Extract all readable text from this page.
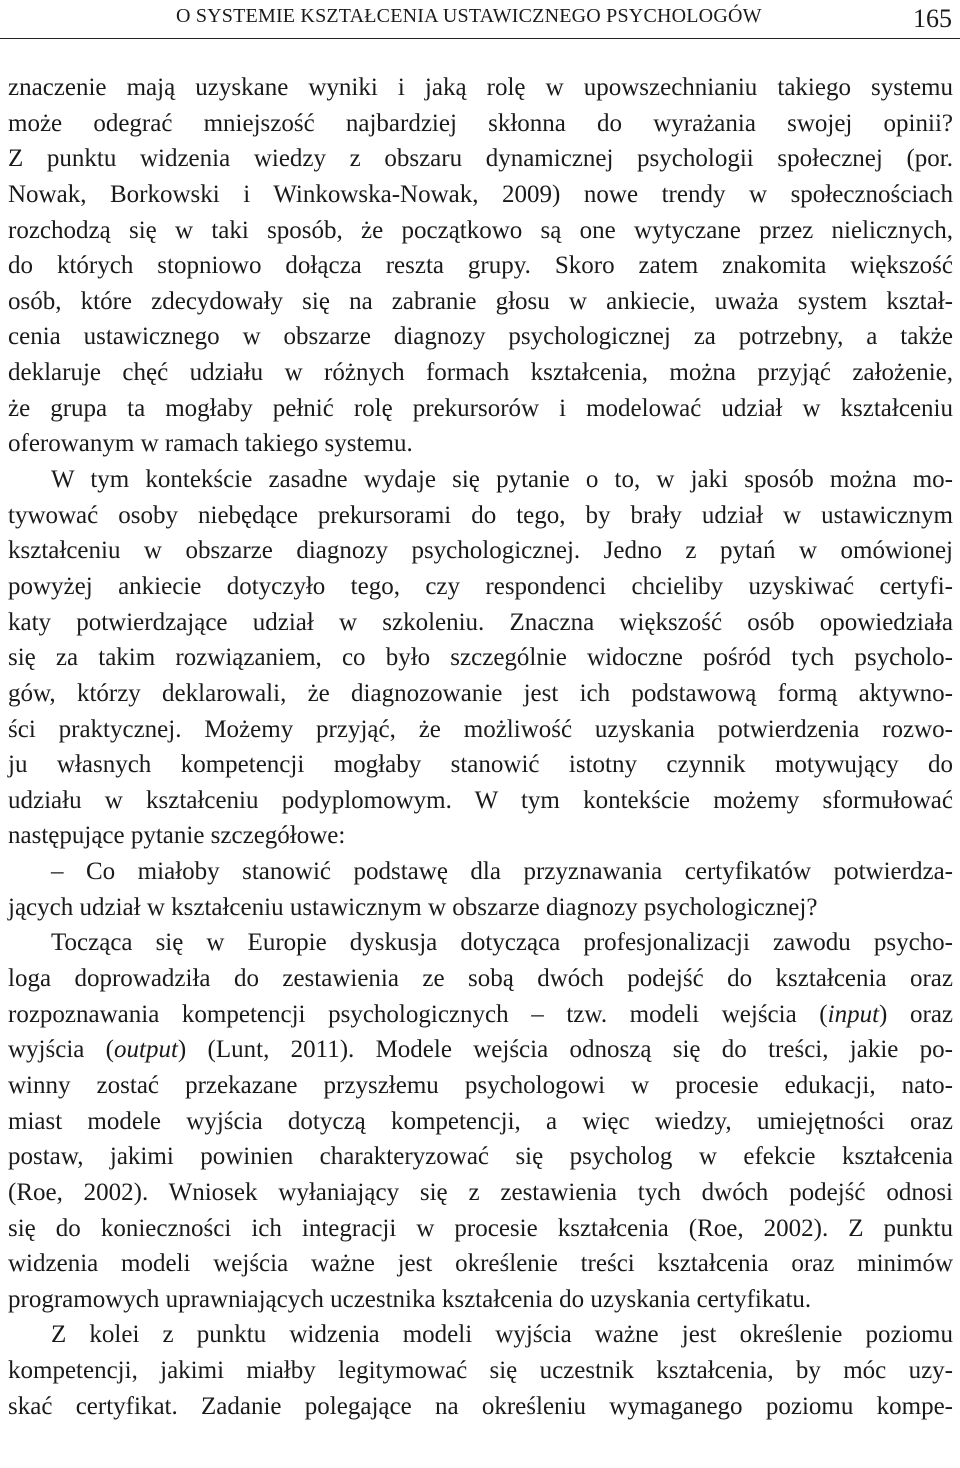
O SYSTEMIE KSZTAŁCENIA USTAWICZNEGO PSYCHOLOGÓW	165
znaczenie mają uzyskane wyniki i jaką rolę w upowszechnianiu takiego systemu
może odegrać mniejszość najbardziej skłonna do wyrażania swojej opinii?
Z punktu widzenia wiedzy z obszaru dynamicznej psychologii społecznej (por.
Nowak, Borkowski i Winkowska-Nowak, 2009) nowe trendy w społecznościach
rozchodzą się w taki sposób, że początkowo są one wytyczane przez nielicznych,
do których stopniowo dołącza reszta grupy. Skoro zatem znakomita większość
osób, które zdecydowały się na zabranie głosu w ankiecie, uważa system kształ-
cenia ustawicznego w obszarze diagnozy psychologicznej za potrzebny, a także
deklaruje chęć udziału w różnych formach kształcenia, można przyjąć założenie,
że grupa ta mogłaby pełnić rolę prekursorów i modelować udział w kształceniu
oferowanym w ramach takiego systemu.
W tym kontekście zasadne wydaje się pytanie o to, w jaki sposób można mo-
tywować osoby niebędące prekursorami do tego, by brały udział w ustawicznym
kształceniu w obszarze diagnozy psychologicznej. Jedno z pytań w omówionej
powyżej ankiecie dotyczyło tego, czy respondenci chcieliby uzyskiwać certyfi-
katy potwierdzające udział w szkoleniu. Znaczna większość osób opowiedziała
się za takim rozwiązaniem, co było szczególnie widoczne pośród tych psycholo-
gów, którzy deklarowali, że diagnozowanie jest ich podstawową formą aktywno-
ści praktycznej. Możemy przyjąć, że możliwość uzyskania potwierdzenia rozwo-
ju własnych kompetencji mogłaby stanowić istotny czynnik motywujący do
udziału w kształceniu podyplomowym. W tym kontekście możemy sformułować
następujące pytanie szczegółowe:
– Co miałoby stanowić podstawę dla przyznawania certyfikatów potwierdza-
jących udział w kształceniu ustawicznym w obszarze diagnozy psychologicznej?
Tocząca się w Europie dyskusja dotycząca profesjonalizacji zawodu psycho-
loga doprowadziła do zestawienia ze sobą dwóch podejść do kształcenia oraz
rozpoznawania kompetencji psychologicznych – tzw. modeli wejścia (input) oraz
wyjścia (output) (Lunt, 2011). Modele wejścia odnoszą się do treści, jakie po-
winny zostać przekazane przyszłemu psychologowi w procesie edukacji, nato-
miast modele wyjścia dotyczą kompetencji, a więc wiedzy, umiejętności oraz
postaw, jakimi powinien charakteryzować się psycholog w efekcie kształcenia
(Roe, 2002). Wniosek wyłaniający się z zestawienia tych dwóch podejść odnosi
się do konieczności ich integracji w procesie kształcenia (Roe, 2002). Z punktu
widzenia modeli wejścia ważne jest określenie treści kształcenia oraz minimów
programowych uprawniających uczestnika kształcenia do uzyskania certyfikatu.
Z kolei z punktu widzenia modeli wyjścia ważne jest określenie poziomu
kompetencji, jakimi miałby legitymować się uczestnik kształcenia, by móc uzy-
skać certyfikat. Zadanie polegające na określeniu wymaganego poziomu kompe-
